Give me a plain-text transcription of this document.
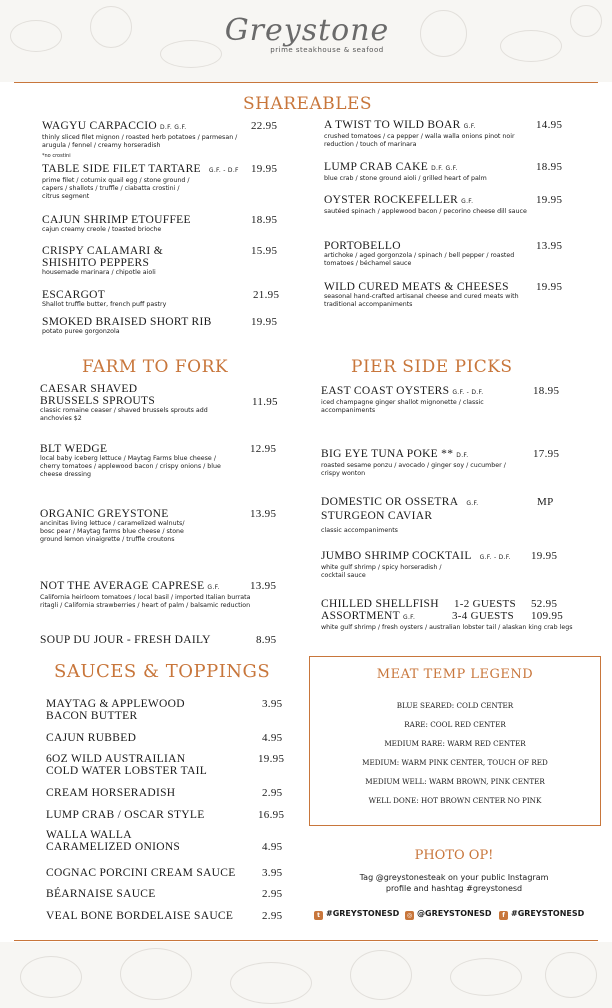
Greystone
prime steakhouse & seafood
SHAREABLES
WAGYU CARPACCIO D.F. G.F.
thinly sliced filet mignon / roasted herb potatoes / parmesan / arugula / fennel / creamy horseradish
*no crostini
22.95
TABLE SIDE FILET TARTARE G.F. - D.F
prime filet / coturnix quail egg / stone ground / capers / shallots / truffle / ciabatta crostini / citrus segment
19.95
CAJUN SHRIMP ETOUFFEE
cajun creamy creole / toasted brioche
18.95
CRISPY CALAMARI &
SHISHITO PEPPERS
housemade marinara / chipotle aioli
15.95
ESCARGOT
Shallot truffle butter, french puff pastry
21.95
SMOKED BRAISED SHORT RIB
potato puree gorgonzola
19.95
A TWIST TO WILD BOAR G.F.
crushed tomatoes / ca pepper / walla walla onions pinot noir reduction / touch of marinara
14.95
LUMP CRAB CAKE D.F. G.F.
blue crab / stone ground aioli / grilled heart of palm
18.95
OYSTER ROCKEFELLER G.F.
sautéed spinach / applewood bacon / pecorino cheese dill sauce
19.95
PORTOBELLO
artichoke / aged gorgonzola / spinach / bell pepper / roasted tomatoes / béchamel sauce
13.95
WILD CURED MEATS & CHEESES
seasonal hand-crafted artisanal cheese and cured meats with traditional accompaniments
19.95
FARM TO FORK
CAESAR SHAVED
BRUSSELS SPROUTS
classic romaine ceaser / shaved brussels sprouts add anchovies $2
11.95
BLT WEDGE
local baby iceberg lettuce / Maytag Farms blue cheese / cherry tomatoes / applewood bacon / crispy onions / blue cheese dressing
12.95
ORGANIC GREYSTONE
ancinitas living lettuce / caramelized walnuts/ bosc pear / Maytag farms blue cheese / stone ground lemon vinaigrette / truffle croutons
13.95
NOT THE AVERAGE CAPRESE G.F.
California heirloom tomatoes / local basil / imported Italian burrata ritagli / California strawberries / heart of palm / balsamic reduction
13.95
SOUP DU JOUR - FRESH DAILY	8.95
PIER SIDE PICKS
EAST COAST OYSTERS G.F. - D.F.
iced champagne ginger shallot mignonette / classic accompaniments
18.95
BIG EYE TUNA POKE ** D.F.
roasted sesame ponzu / avocado / ginger soy / cucumber / crispy wonton
17.95
DOMESTIC OR OSSETRA G.F.
STURGEON CAVIAR
classic accompaniments
MP
JUMBO SHRIMP COCKTAIL G.F. - D.F.
white gulf shrimp / spicy horseradish / cocktail sauce
19.95
CHILLED SHELLFISH
ASSORTMENT G.F.
white gulf shrimp / fresh oysters / australian lobster tail / alaskan king crab legs
1-2 GUESTS 52.95
3-4 GUESTS 109.95
SAUCES & TOPPINGS
MAYTAG & APPLEWOOD
BACON BUTTER
3.95
CAJUN RUBBED	4.95
6OZ WILD AUSTRAILIAN
COLD WATER LOBSTER TAIL
19.95
CREAM HORSERADISH	2.95
LUMP CRAB / OSCAR STYLE	16.95
WALLA WALLA
CARAMELIZED ONIONS	4.95
COGNAC PORCINI CREAM SAUCE 3.95
BÉARNAISE SAUCE	2.95
VEAL BONE BORDELAISE SAUCE	2.95
MEAT TEMP LEGEND
BLUE SEARED: COLD CENTER
RARE: COOL RED CENTER
MEDIUM RARE: WARM RED CENTER
MEDIUM: WARM PINK CENTER, TOUCH OF RED
MEDIUM WELL: WARM BROWN, PINK CENTER
WELL DONE: HOT BROWN CENTER NO PINK
PHOTO OP!
Tag @greystonesteak on your public Instagram
profile and hashtag #greystonesd
t #GREYSTONESD	◎ @GREYSTONESD	f #GREYSTONESD
